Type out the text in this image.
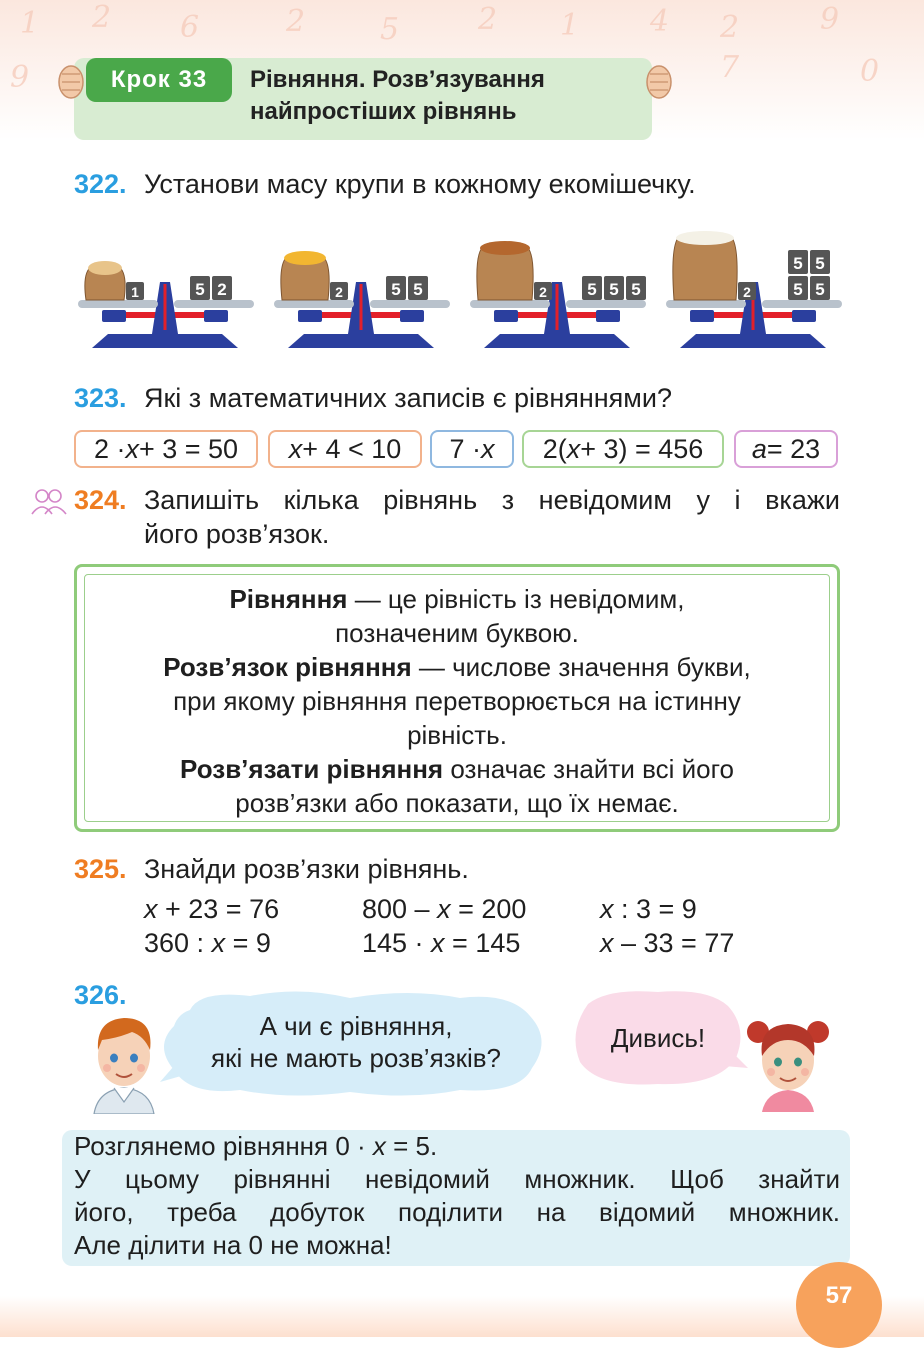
1 2 6	2 5	2 1 4 2	9
7	0
9	Крок 33	Рівняння. Розв’язування
найпростіших рівнянь
322. Установи масу крупи в кожному екомішечку.
1	5 2	2	5 5	2 5 5 5	2 5 5
5 5
323. Які з математичних записів є рівняннями?
2 · x + 3 = 50 x + 4 < 10 7 · x 2( x + 3) = 456 a = 23
324. Запишіть кілька рівнянь з невідомим у і вкажи
його розв’язок.
Рівняння — це рівність із невідомим,
позначеним буквою.
Розв’язок рівняння — числове значення букви,
при якому рівняння перетворюється на істинну
рівність.
Розв’язати рівняння означає знайти всі його
розв’язки або показати, що їх немає.
325. Знайди розв’язки рівнянь.
x + 23 = 76	800 – x = 200	x : 3 = 9
360 : x = 9	145 · x = 145	x – 33 = 77
326.
А чи є рівняння,
які не мають розв’язків?
Дивись!
Розглянемо рівняння 0 · x = 5.
У цьому рівнянні невідомий множник. Щоб знайти
його, треба добуток поділити на відомий множник.
Але ділити на 0 не можна!
57
